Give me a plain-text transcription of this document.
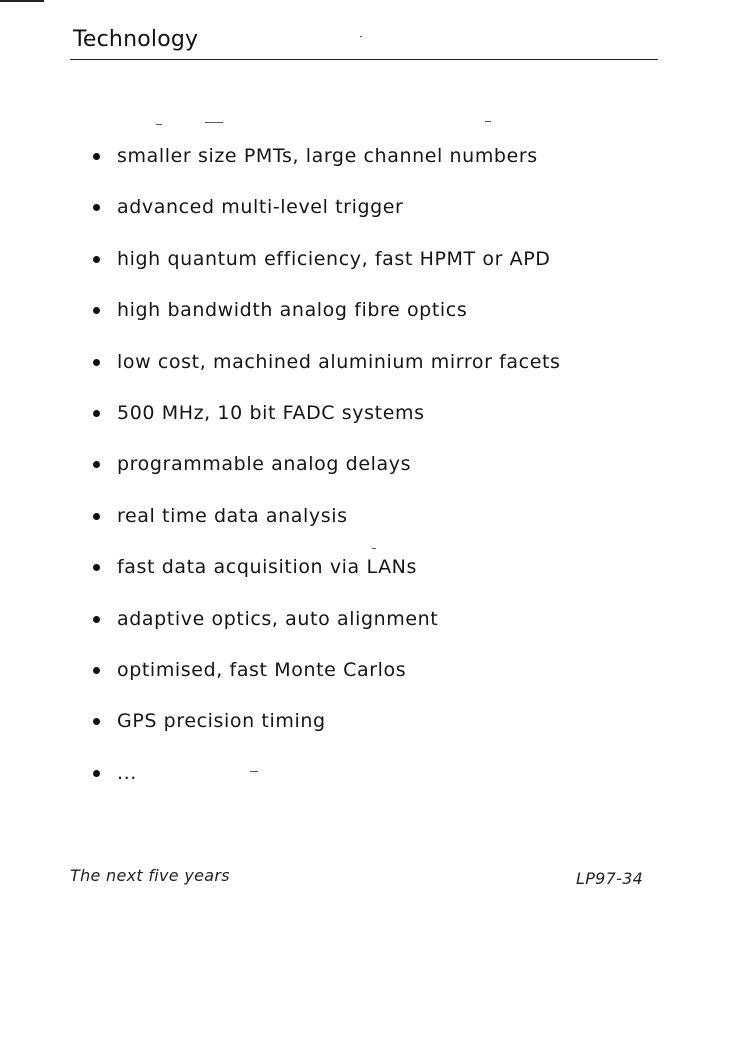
Technology
smaller size PMTs, large channel numbers
advanced multi-level trigger
high quantum efficiency, fast HPMT or APD
high bandwidth analog fibre optics
low cost, machined aluminium mirror facets
500 MHz, 10 bit FADC systems
programmable analog delays
real time data analysis
fast data acquisition via LANs
adaptive optics, auto alignment
optimised, fast Monte Carlos
GPS precision timing
...
The next five years	LP97-34
